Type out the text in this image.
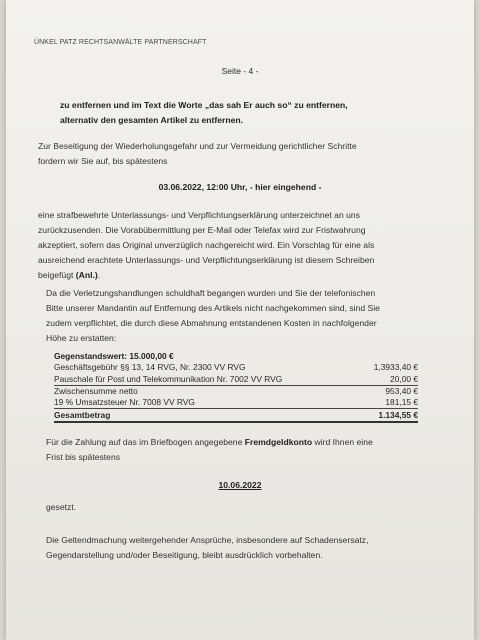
ÜNKEL PATZ RECHTSANWÄLTE PARTNERSCHAFT
Seite - 4 -
zu entfernen und im Text die Worte „das sah Er auch so“ zu entfernen,
alternativ den gesamten Artikel zu entfernen.
Zur Beseitigung der Wiederholungsgefahr und zur Vermeidung gerichtlicher Schritte
fordern wir Sie auf, bis spätestens
03.06.2022, 12:00 Uhr, - hier eingehend -
eine strafbewehrte Unterlassungs- und Verpflichtungserklärung unterzeichnet an uns
zurückzusenden. Die Vorabübermittlung per E-Mail oder Telefax wird zur Fristwahrung
akzeptiert, sofern das Original unverzüglich nachgereicht wird. Ein Vorschlag für eine als
ausreichend erachtete Unterlassungs- und Verpflichtungserklärung ist diesem Schreiben
beigefügt (Anl.).
Da die Verletzungshandlungen schuldhaft begangen wurden und Sie der telefonischen
Bitte unserer Mandantin auf Entfernung des Artikels nicht nachgekommen sind, sind Sie
zudem verpflichtet, die durch diese Abmahnung entstandenen Kosten in nachfolgender
Höhe zu erstatten:
Gegenstandswert: 15.000,00 €	
Geschäftsgebühr §§ 13, 14 RVG, Nr. 2300 VV RVG	1,3933,40 €
Pauschale für Post und Telekommunikation Nr. 7002 VV RVG	20,00 €
Zwischensumme netto	953,40 €
19 % Umsatzsteuer Nr. 7008 VV RVG	181,15 €
Gesamtbetrag	1.134,55 €
Für die Zahlung auf das im Briefbogen angegebene Fremdgeldkonto wird Ihnen eine
Frist bis spätestens
10.06.2022
gesetzt.
Die Geltendmachung weitergehender Ansprüche, insbesondere auf Schadensersatz,
Gegendarstellung und/oder Beseitigung, bleibt ausdrücklich vorbehalten.
